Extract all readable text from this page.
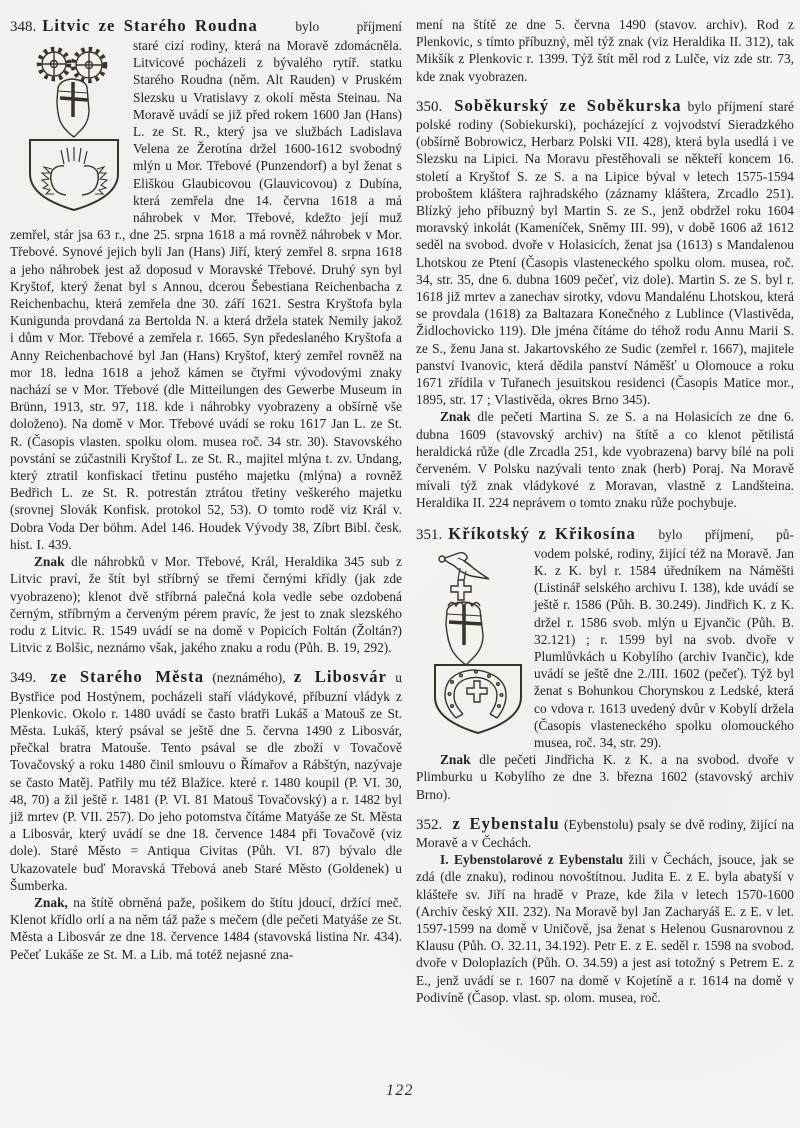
348. Litvic ze Starého Roudna	bylo	příjmení

staré cizí rodiny, která na Moravě zdomácněla. Litvicové pocházeli z bývalého rytíř. statku Starého Roudna (něm. Alt Rauden) v Pruském Slezsku u Vratislavy z okolí města Steinau. Na Moravě uvádí se již před rokem 1600 Jan (Hans) L. ze St. R., který jsa ve službách Ladislava Velena ze Žerotína držel 1600-1612 svobodný mlýn u Mor. Třebové (Punzendorf) a byl ženat s Eliškou Glaubicovou (Glauvicovou) z Dubína, která zemřela dne 14. června 1618 a má náhrobek v Mor. Třebové, kdežto její muž zemřel, stár jsa 63 r., dne 25. srpna 1618 a má rovněž náhrobek v Mor. Třebové. Synové jejich byli Jan (Hans) Jiří, který zemřel 8. srpna 1618 a jeho náhrobek jest až doposud v Moravské Třebové. Druhý syn byl Kryštof, který ženat byl s Annou, dcerou Šebestiana Reichenbacha z Reichenbachu, která zemřela dne 30. září 1621. Sestra Kryštofa byla Kunigunda provdaná za Bertolda N. a která držela statek Nemily jakož i dům v Mor. Třebové a zemřela r. 1665. Syn předeslaného Kryštofa a Anny Reichenbachové byl Jan (Hans) Kryštof, který zemřel rovněž na mor 18. ledna 1618 a jehož kámen se čtyřmi vývodovými znaky nachází se v Mor. Třebové (dle Mitteilungen des Gewerbe Museum in Brünn, 1913, str. 97, 118. kde i náhrobky vyobrazeny a obšírně vše doloženo). Na domě v Mor. Třebové uvádí se roku 1617 Jan L. ze St. R. (Časopis vlasten. spolku olom. musea roč. 34 str. 30). Stavovského povstání se zúčastnili Kryštof L. ze St. R., majitel mlýna t. zv. Undang, který ztratil konfiskací třetinu pustého majetku (mlýna) a rovněž Bedřich L. ze St. R. potrestán ztrátou třetiny veškerého majetku (srovnej Slovák Konfisk. protokol 52, 53). O tomto rodě viz Král v. Dobra Voda Der böhm. Adel 146. Houdek Vývody 38, Zíbrt Bibl. česk. hist. I. 439.

Znak dle náhrobků v Mor. Třebové, Král, Heraldika 345 sub z Litvic praví, že štít byl stříbrný se třemi černými křídly (jak zde vyobrazeno); klenot dvě stříbrná palečná kola vedle sebe ozdobená černým, stříbrným a červeným pérem pravíc, že jest to znak slezského rodu z Litvic. R. 1549 uvádí se na domě v Popicích Foltán (Žoltán?) Litvic z Bolšic, neznámo však, jakého znaku a rodu (Půh. B. 19, 292).

349. ze Starého Města (neznámého), z Libosvár u Bystřice pod Hostýnem, pocházeli staří vládykové, příbuzní vládyk z Plenkovic. Okolo r. 1480 uvádí se často bratři Lukáš a Matouš ze St. Města. Lukáš, který psával se ještě dne 5. června 1490 z Libosvár, přečkal bratra Matouše. Tento psával se dle zboží v Tovačově Tovačovský a roku 1480 činil smlouvu o Římařov a Rábštýn, nazývaje se často Matěj. Patřily mu též Blažice. které r. 1480 koupil (P. VI. 30, 48, 70) a žil ještě r. 1481 (P. VI. 81 Matouš Tovačovský) a r. 1482 byl již mrtev (P. VII. 257). Do jeho potomstva čítáme Matyáše ze St. Města a Libosvár, který uvádí se dne 18. července 1484 při Tovačově (viz dole). Staré Město = Antiqua Civitas (Půh. VI. 87) bývalo dle Ukazovatele buď Moravská Třebová aneb Staré Město (Goldenek) u Šumberka.

Znak, na štítě obrněná paže, pošikem do štítu jdoucí, držící meč. Klenot křídlo orlí a na něm táž paže s mečem (dle pečeti Matyáše ze St. Města a Libosvár ze dne 18. července 1484 (stavovská listina Nr. 434). Pečeť Lukáše ze St. M. a Lib. má totéž nejasné zna-

mení na štítě ze dne 5. června 1490 (stavov. archiv). Rod z Plenkovic, s tímto příbuzný, měl týž znak (viz Heraldika II. 312), tak Mikšík z Plenkovic r. 1399. Týž štít měl rod z Lulče, viz zde str. 73, kde znak vyobrazen.

350. Soběkurský ze Soběkurska bylo příjmení staré polské rodiny (Sobiekurski), pocházející z vojvodství Sieradzkého (obšírně Bobrowicz, Herbarz Polski VII. 428), která byla usedlá i ve Slezsku na Lipici. Na Moravu přestěhovali se někteří koncem 16. století a Kryštof S. ze S. a na Lipice býval v letech 1575-1594 proboštem kláštera rajhradského (záznamy kláštera, Zrcadlo 251). Blízký jeho příbuzný byl Martin S. ze S., jenž obdržel roku 1604 moravský inkolát (Kameníček, Sněmy III. 99), v době 1606 až 1612 seděl na svobod. dvoře v Holasicích, ženat jsa (1613) s Mandalenou Lhotskou ze Ptení (Časopis vlasteneckého spolku olom. musea, roč. 34, str. 35, dne 6. dubna 1609 pečeť, viz dole). Martin S. ze S. byl r. 1618 již mrtev a zanechav sirotky, vdovu Mandalénu Lhotskou, která se provdala (1618) za Baltazara Konečného z Lublince (Vlastivěda, Židlochovicko 119). Dle jména čítáme do téhož rodu Annu Marii S. ze S., ženu Jana st. Jakartovského ze Sudic (zemřel r. 1667), majitele panství Ivanovic, která dědila panství Náměšť u Olomouce a roku 1671 zřídila v Tuřanech jesuitskou residenci (Časopis Matice mor., 1895, str. 17 ; Vlastivěda, okres Brno 345).

Znak dle pečeti Martina S. ze S. a na Holasicích ze dne 6. dubna 1609 (stavovský archiv) na štítě a co klenot pětilistá heraldická růže (dle Zrcadla 251, kde vyobrazena) barvy bílé na poli červeném. V Polsku nazývali tento znak (herb) Poraj. Na Moravě mívali týž znak vládykové z Moravan, vlastně z Landšteina. Heraldika II. 224 neprávem o tomto znaku růže pochybuje.

351. Kříkotský z Křikosína bylo příjmení, pů-

vodem polské, rodiny, žijící též na Moravě. Jan K. z K. byl r. 1584 úředníkem na Náměšti (Listinář selského archivu I. 138), kde uvádí se ještě r. 1586 (Půh. B. 30.249). Jindřich K. z K. držel r. 1586 svob. mlýn u Ejvančic (Půh. B. 32.121) ; r. 1599 byl na svob. dvoře v Plumlůvkách u Kobylího (archiv Ivančic), kde uvádí se ještě dne 2./III. 1602 (pečeť). Týž byl ženat s Bohunkou Chorynskou z Ledské, která co vdova r. 1613 uvedený dvůr v Kobylí držela (Časopis vlasteneckého spolku olomouckého musea, roč. 34, str. 29).

Znak dle pečeti Jindřicha K. z K. a na svobod. dvoře v Plimburku u Kobylího ze dne 3. března 1602 (stavovský archiv Brno).

352. z Eybenstalu (Eybenstolu) psaly se dvě rodiny, žijící na Moravě a v Čechách.

I. Eybenstolarové z Eybenstalu žili v Čechách, jsouce, jak se zdá (dle znaku), rodinou novoštítnou. Judita E. z E. byla abatyší v klášteře sv. Jiří na hradě v Praze, kde žila v letech 1570-1600 (Archiv český XII. 232). Na Moravě byl Jan Zacharyáš E. z E. v let. 1597-1599 na domě v Uničově, jsa ženat s Helenou Gusnarovnou z Klausu (Půh. O. 32.11, 34.192). Petr E. z E. seděl r. 1598 na svobod. dvoře v Doloplazích (Půh. O. 34.59) a jest asi totožný s Petrem E. z E., jenž uvádí se r. 1607 na domě v Kojetíně a r. 1614 na domě v Podivíně (Časop. vlast. sp. olom. musea, roč.

122
